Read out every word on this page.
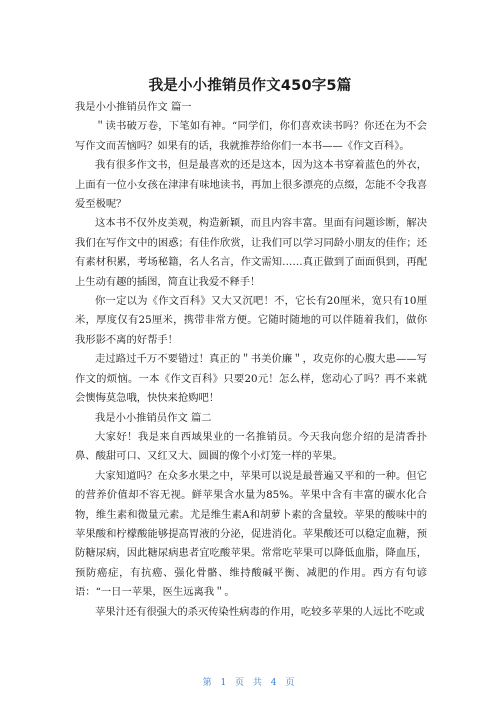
我是小小推销员作文450字5篇

我是小小推销员作文 篇一

＂读书破万卷，下笔如有神。“同学们，你们喜欢读书吗？你还在为不会写作文而苦恼吗？如果有的话，我就推荐给你们一本书——《作文百科》。

我有很多作文书，但是最喜欢的还是这本，因为这本书穿着蓝色的外衣，上面有一位小女孩在津津有味地读书，再加上很多漂亮的点缀，怎能不令我喜爱至极呢？

这本书不仅外皮美观，构造新颖，而且内容丰富。里面有问题诊断，解决我们在写作文中的困惑；有佳作欣赏，让我们可以学习同龄小朋友的佳作；还有素材积累，考场秘籍，名人名言，作文需知……真正做到了面面俱到，再配上生动有趣的插图，简直让我爱不释手！

你一定以为《作文百科》又大又沉吧！不，它长有20厘米，宽只有10厘米，厚度仅有25厘米，携带非常方便。它随时随地的可以伴随着我们，做你我形影不离的好帮手！

走过路过千万不要错过！真正的＂书美价廉＂，攻克你的心腹大患——写作文的烦恼。一本《作文百科》只要20元！怎么样，您动心了吗？再不来就会懊悔莫急哦，快快来抢购吧！

我是小小推销员作文 篇二

大家好！我是来自西域果业的一名推销员。今天我向您介绍的是清香扑鼻、酸甜可口、又红又大、圆圆的像个小灯笼一样的苹果。

大家知道吗？在众多水果之中，苹果可以说是最普遍又平和的一种。但它的营养价值却不容无视。鲜苹果含水量为85%。苹果中含有丰富的碳水化合物，维生素和微量元素。尤是维生素A和胡萝卜素的含量较。苹果的酸味中的苹果酸和柠檬酸能够提高胃液的分泌，促进消化。苹果酸还可以稳定血糖，预防糖尿病，因此糖尿病患者宜吃酸苹果。常常吃苹果可以降低血脂，降血压，预防癌症，有抗癌、强化骨骼、维持酸碱平衡、减肥的作用。西方有句谚语：“一日一苹果，医生远离我＂。

苹果汁还有很强大的杀灭传染性病毒的作用，吃较多苹果的人远比不吃或

第 1 页 共 4 页
